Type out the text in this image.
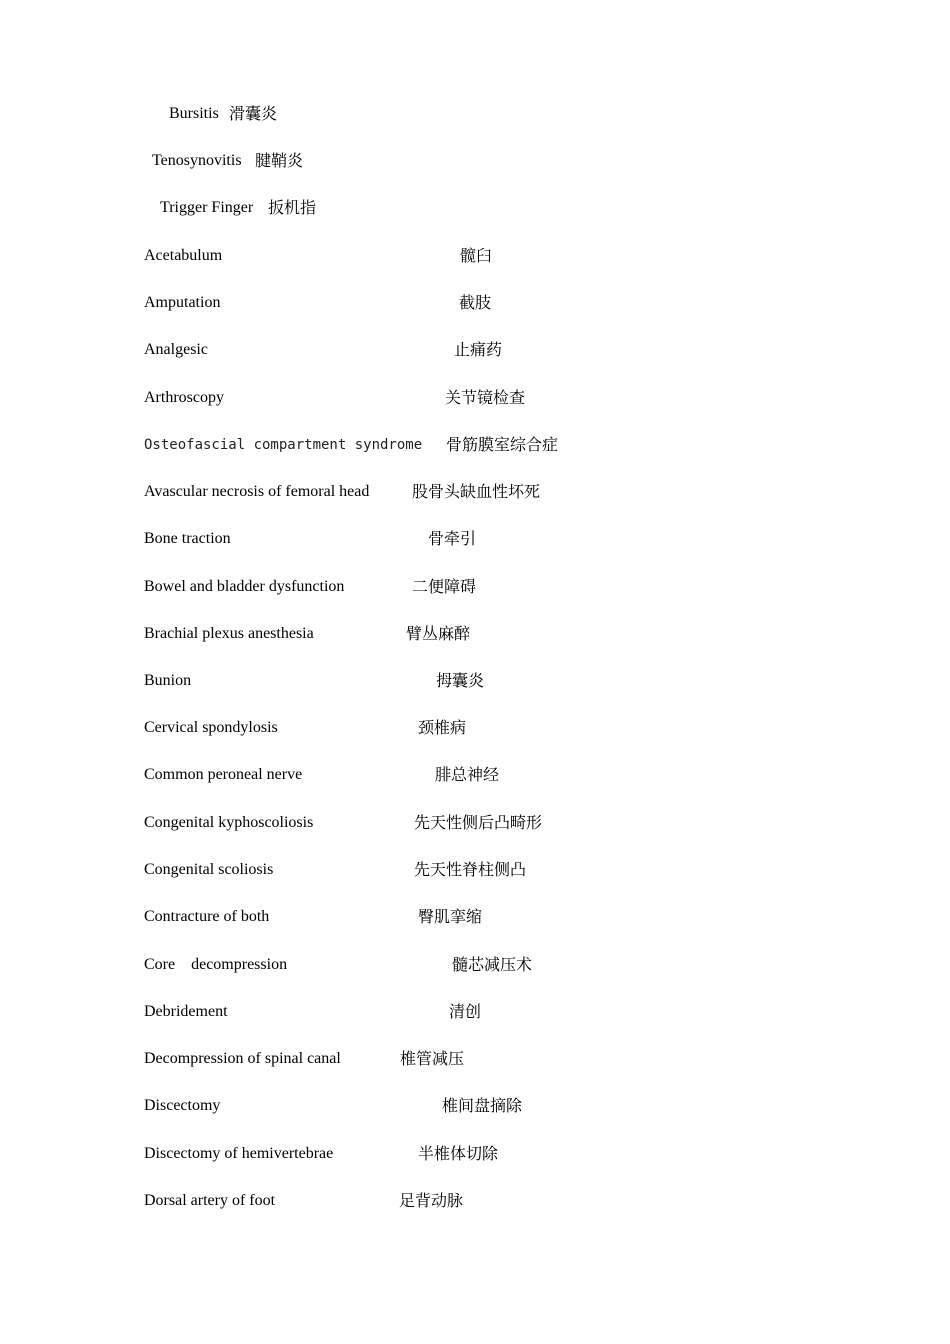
Bursitis 滑囊炎
Tenosynovitis 腱鞘炎
Trigger Finger 扳机指
Acetabulum	髋臼
Amputation	截肢
Analgesic	止痛药
Arthroscopy	关节镜检查
Osteofascial compartment syndrome 骨筋膜室综合症
Avascular necrosis of femoral head	股骨头缺血性坏死
Bone traction	骨牵引
Bowel and bladder dysfunction	二便障碍
Brachial plexus anesthesia	臂丛麻醉
Bunion	拇囊炎
Cervical spondylosis	颈椎病
Common peroneal nerve	腓总神经
Congenital kyphoscoliosis	先天性侧后凸畸形
Congenital scoliosis	先天性脊柱侧凸
Contracture of both	臀肌挛缩
Core    decompression	髓芯减压术
Debridement	清创
Decompression of spinal canal	椎管减压
Discectomy	椎间盘摘除
Discectomy of hemivertebrae	半椎体切除
Dorsal artery of foot	足背动脉
